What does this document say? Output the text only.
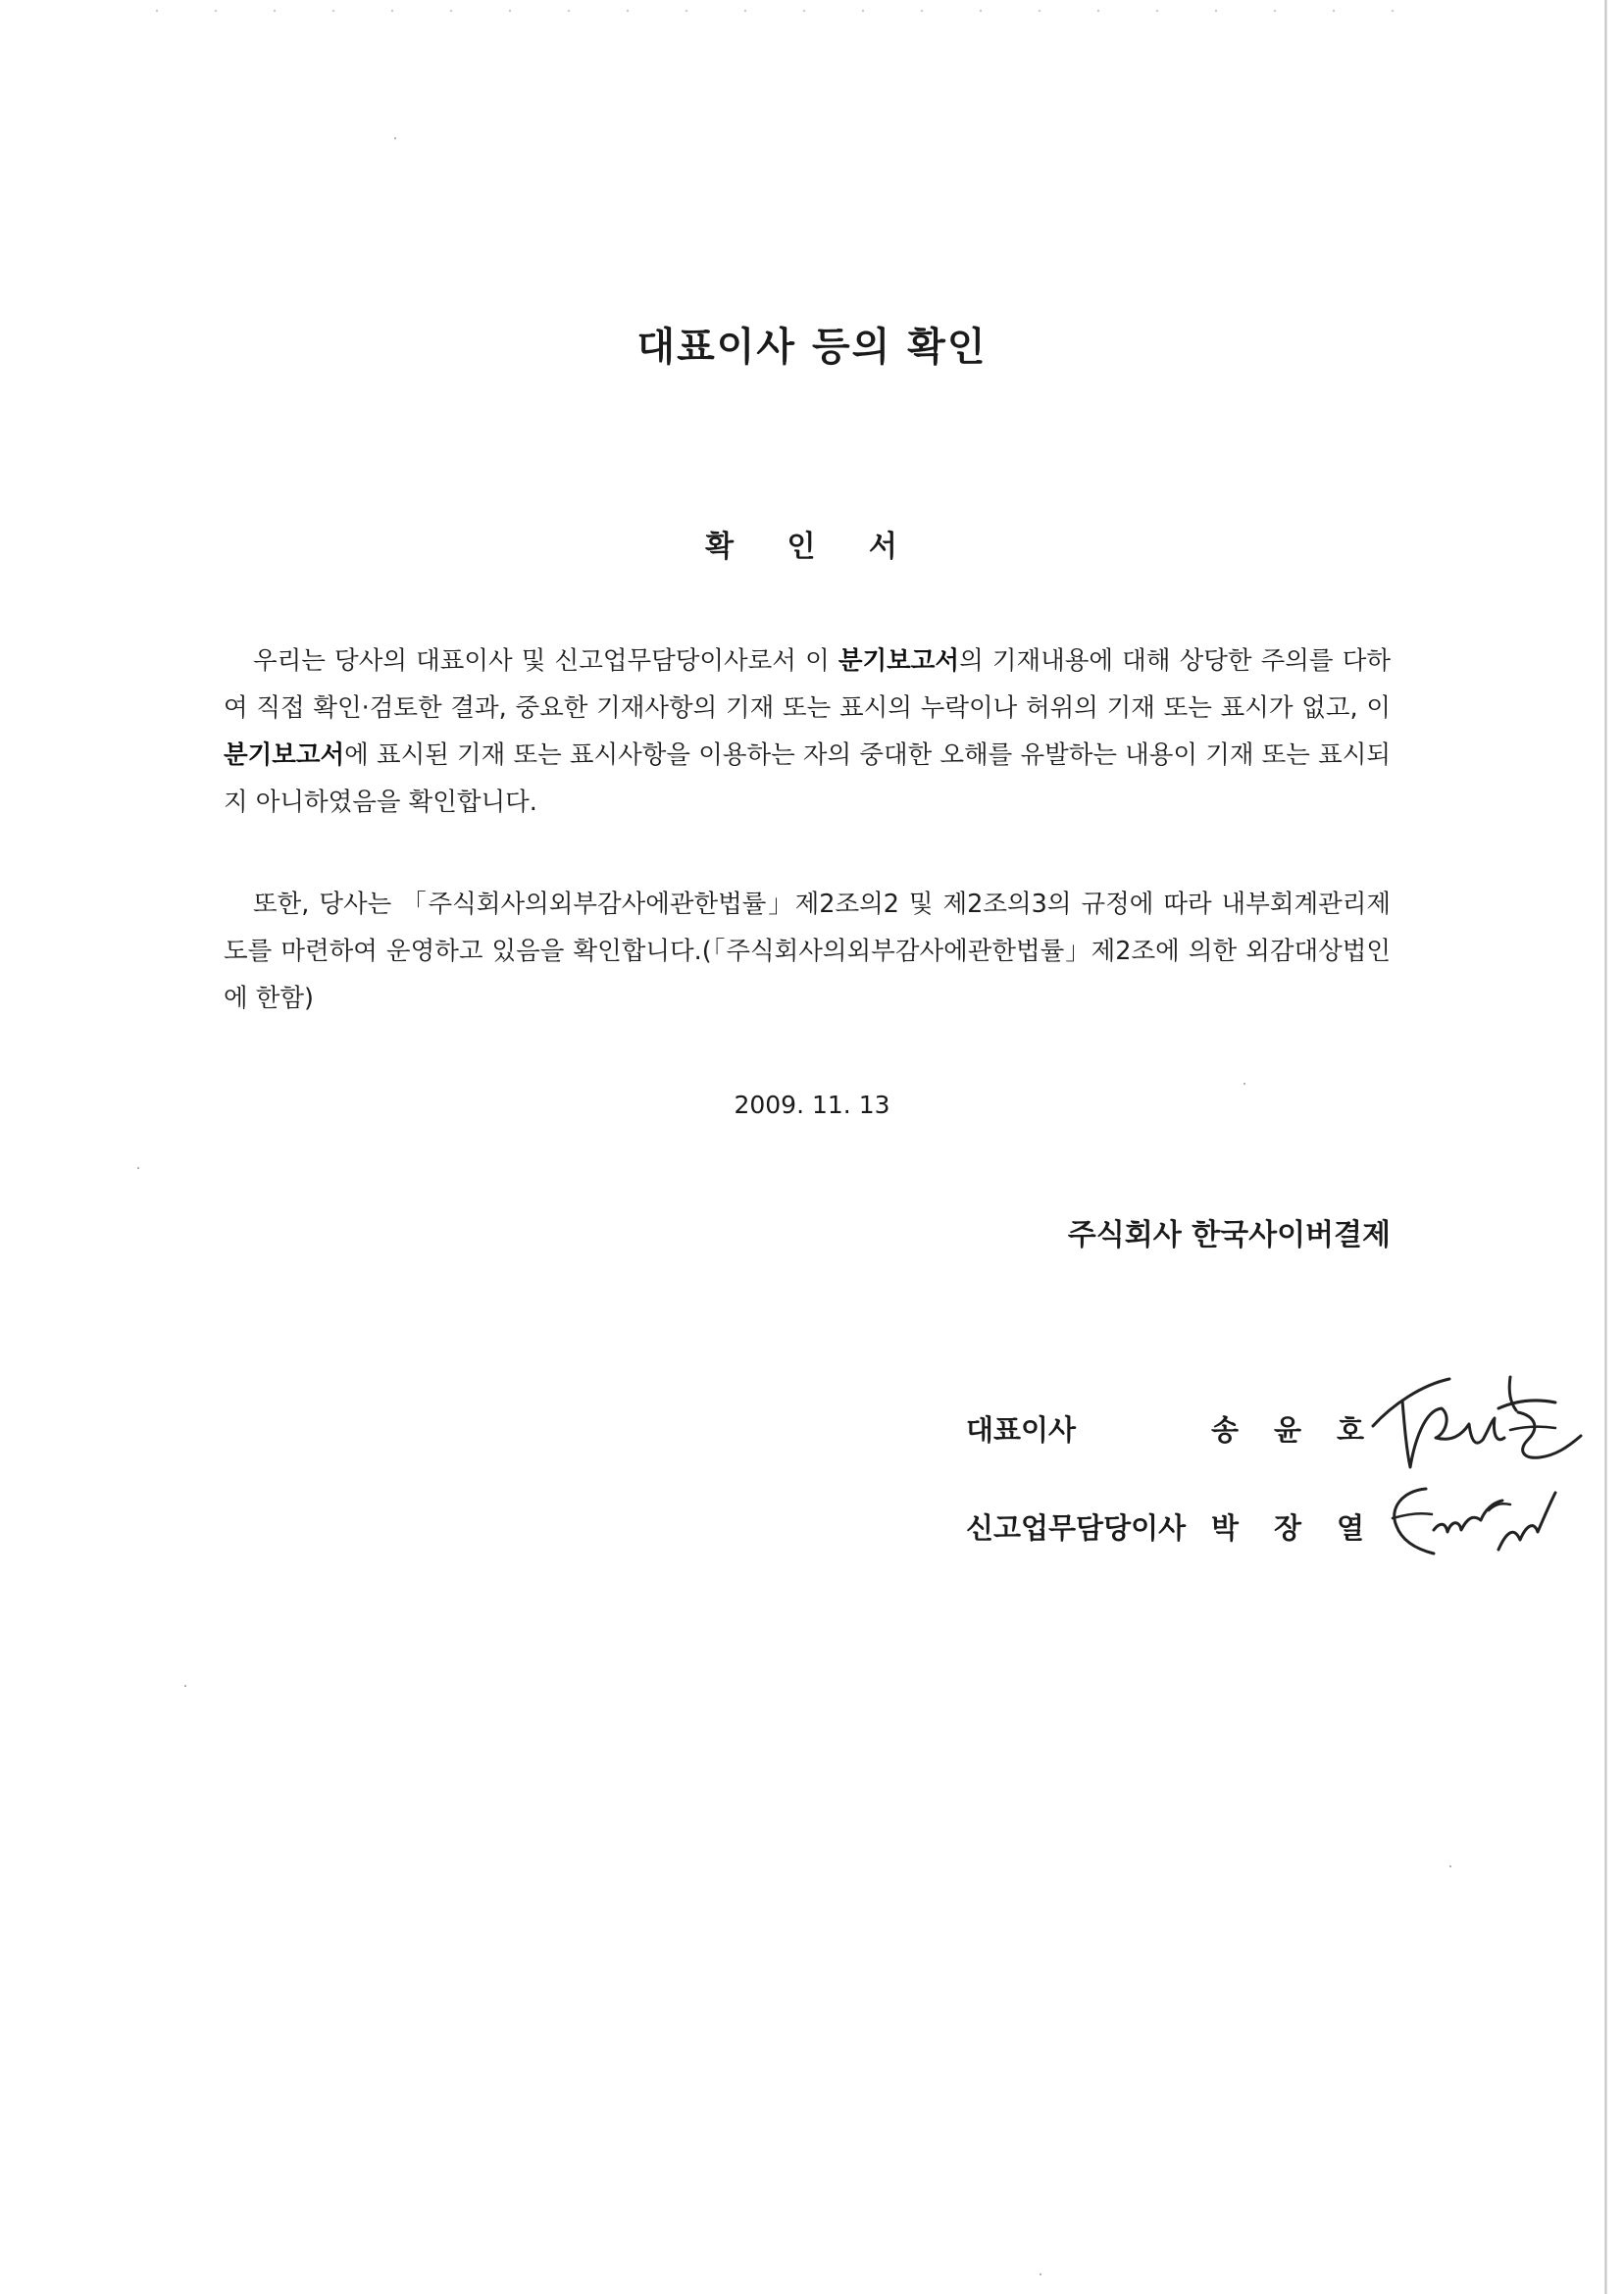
대표이사 등의 확인
확 인 서

우리는 당사의 대표이사 및 신고업무담당이사로서 이 분기보고서의 기재내용에 대해 상당한 주의를 다하여 직접 확인·검토한 결과, 중요한 기재사항의 기재 또는 표시의 누락이나 허위의 기재 또는 표시가 없고, 이 분기보고서에 표시된 기재 또는 표시사항을 이용하는 자의 중대한 오해를 유발하는 내용이 기재 또는 표시되지 아니하였음을 확인합니다.

또한, 당사는 「주식회사의외부감사에관한법률」제2조의2 및 제2조의3의 규정에 따라 내부회계관리제도를 마련하여 운영하고 있음을 확인합니다.(「주식회사의외부감사에관한법률」제2조에 의한 외감대상법인에 한함)

2009. 11. 13

주식회사 한국사이버결제

대표이사	송윤호
신고업무담당이사 박장열
